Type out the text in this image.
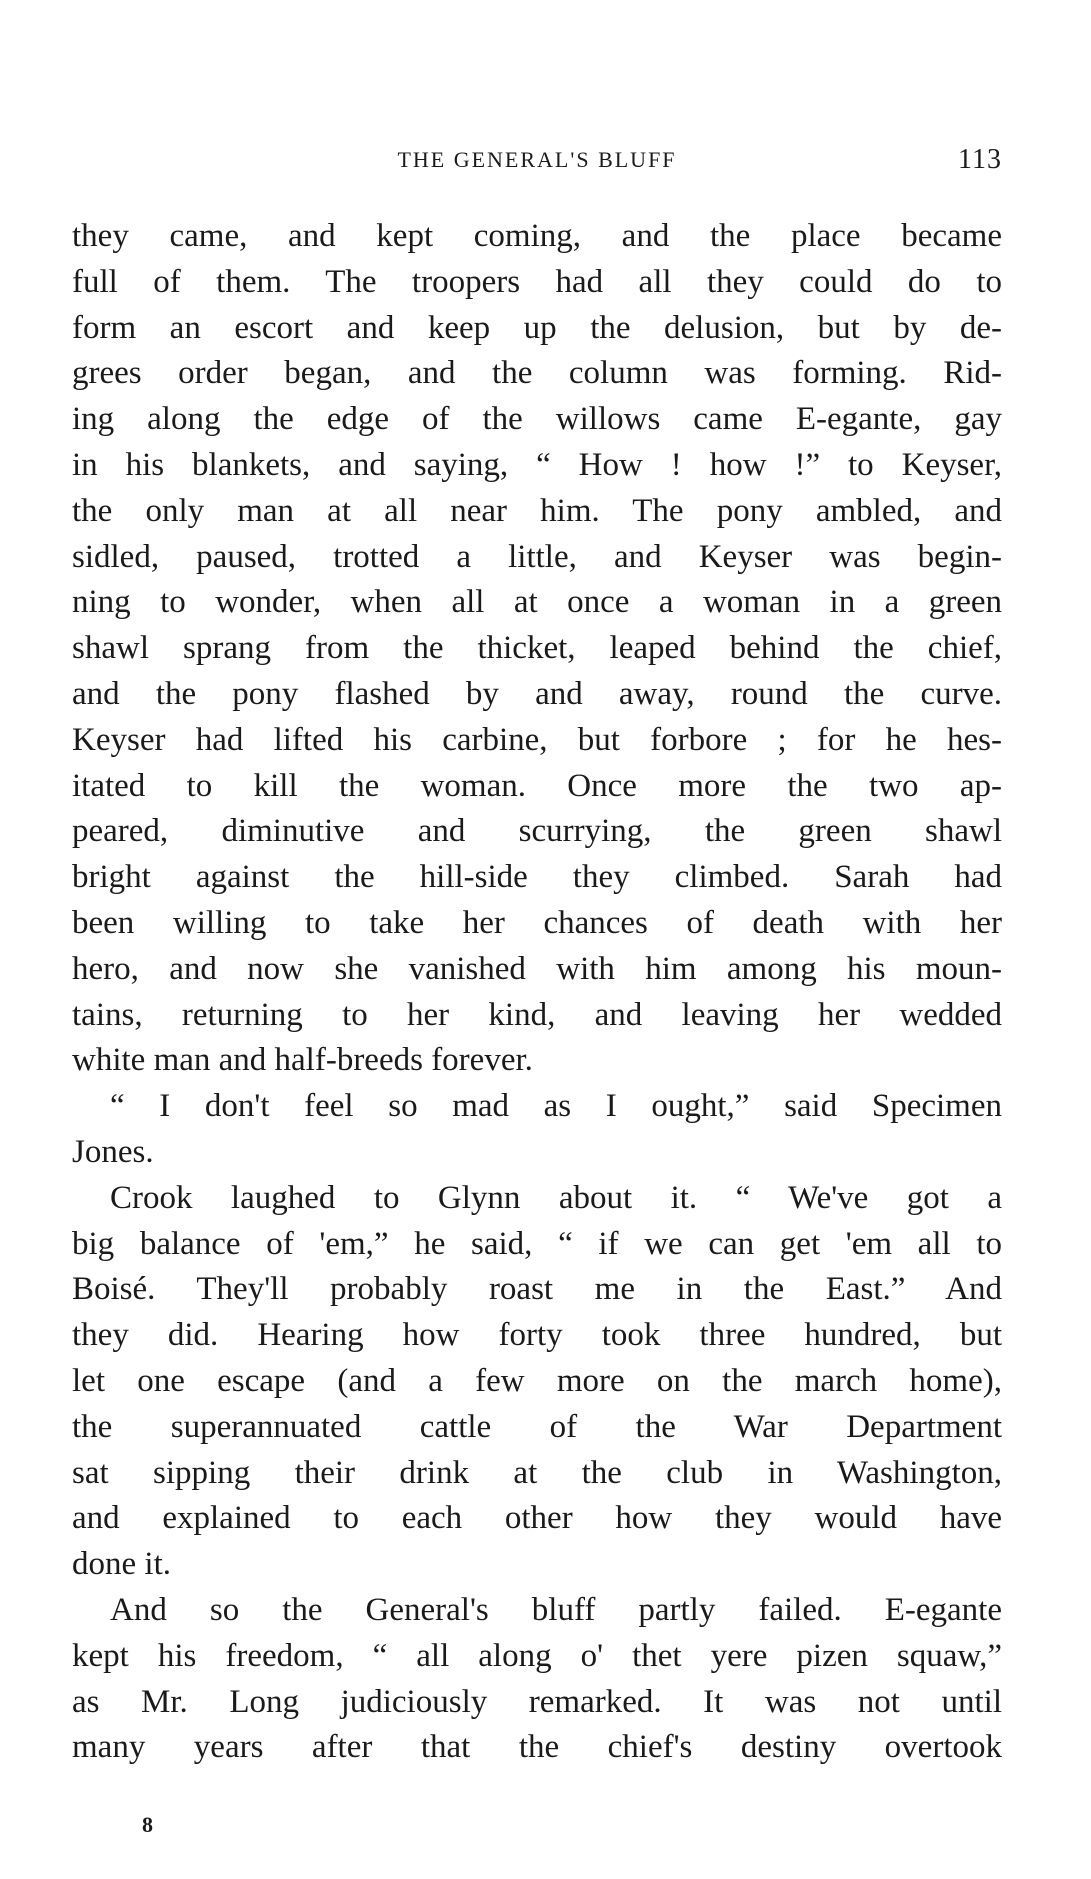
THE GENERAL'S BLUFF	113
they came, and kept coming, and the place became
full of them. The troopers had all they could do to
form an escort and keep up the delusion, but by de-
grees order began, and the column was forming. Rid-
ing along the edge of the willows came E-egante, gay
in his blankets, and saying, “ How ! how !” to Keyser,
the only man at all near him. The pony ambled, and
sidled, paused, trotted a little, and Keyser was begin-
ning to wonder, when all at once a woman in a green
shawl sprang from the thicket, leaped behind the chief,
and the pony flashed by and away, round the curve.
Keyser had lifted his carbine, but forbore ; for he hes-
itated to kill the woman. Once more the two ap-
peared, diminutive and scurrying, the green shawl
bright against the hill-side they climbed. Sarah had
been willing to take her chances of death with her
hero, and now she vanished with him among his moun-
tains, returning to her kind, and leaving her wedded
white man and half-breeds forever.
“ I don't feel so mad as I ought,” said Specimen
Jones.
Crook laughed to Glynn about it. “ We've got a
big balance of 'em,” he said, “ if we can get 'em all to
Boisé. They'll probably roast me in the East.” And
they did. Hearing how forty took three hundred, but
let one escape (and a few more on the march home),
the superannuated cattle of the War Department
sat sipping their drink at the club in Washington,
and explained to each other how they would have
done it.
And so the General's bluff partly failed. E-egante
kept his freedom, “ all along o' thet yere pizen squaw,”
as Mr. Long judiciously remarked. It was not until
many years after that the chief's destiny overtook
8
